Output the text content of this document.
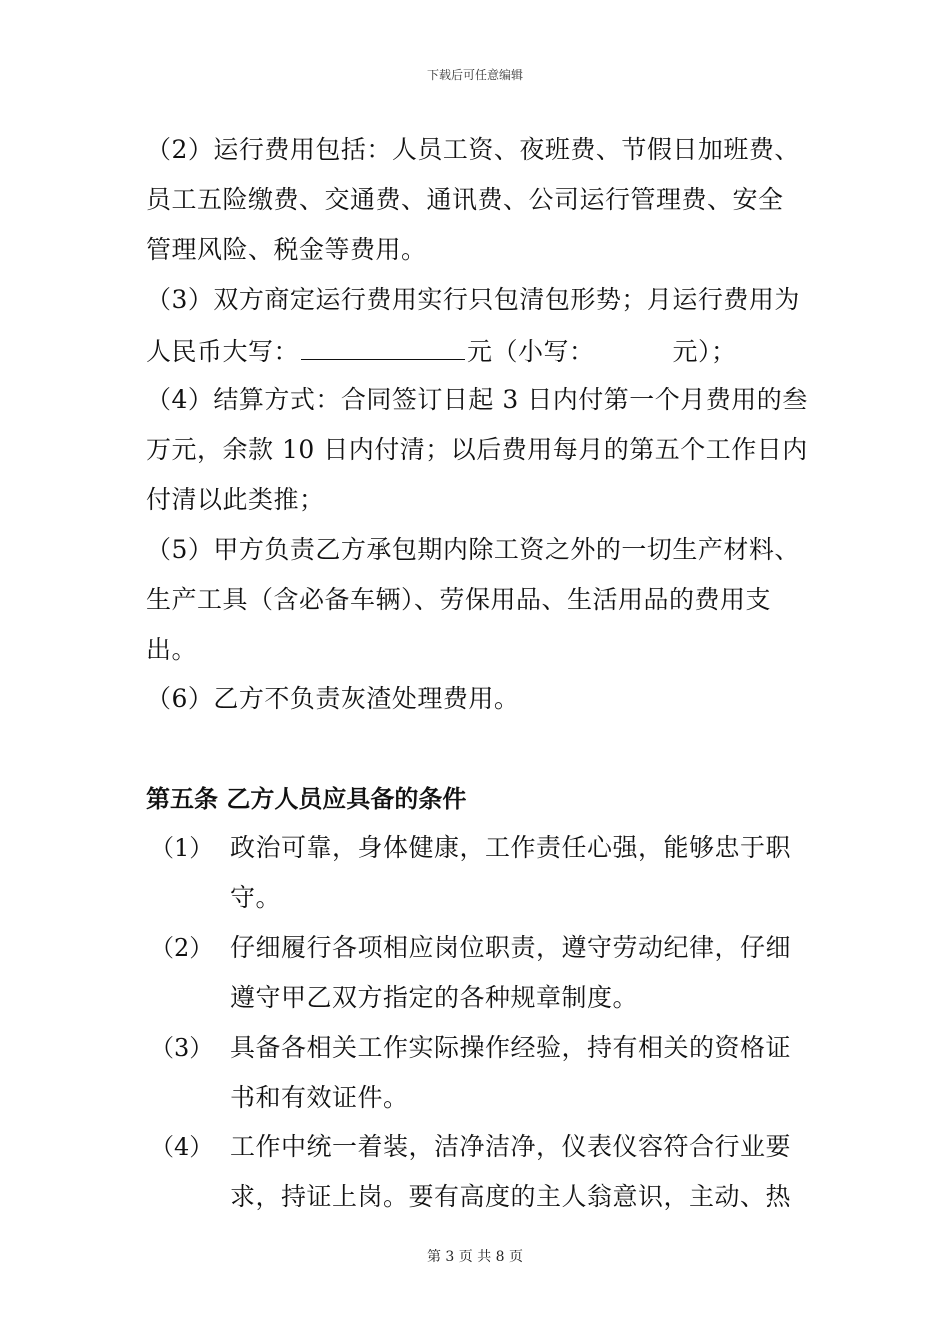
下载后可任意编辑
（2）运行费用包括：人员工资、夜班费、节假日加班费、
员工五险缴费、交通费、通讯费、公司运行管理费、安全
管理风险、税金等费用。
（3）双方商定运行费用实行只包清包形势；月运行费用为
人民币大写：	元（小写：	元）；
（4）结算方式：合同签订日起 3 日内付第一个月费用的叁
万元，余款 10 日内付清；以后费用每月的第五个工作日内
付清以此类推；
（5）甲方负责乙方承包期内除工资之外的一切生产材料、
生产工具（含必备车辆）、劳保用品、生活用品的费用支
出。
（6）乙方不负责灰渣处理费用。
第五条 乙方人员应具备的条件
（1） 政治可靠，身体健康，工作责任心强，能够忠于职
守。
（2） 仔细履行各项相应岗位职责，遵守劳动纪律，仔细
遵守甲乙双方指定的各种规章制度。
（3） 具备各相关工作实际操作经验，持有相关的资格证
书和有效证件。
（4） 工作中统一着装，洁净洁净，仪表仪容符合行业要
求，持证上岗。要有高度的主人翁意识，主动、热
第 3 页 共 8 页
